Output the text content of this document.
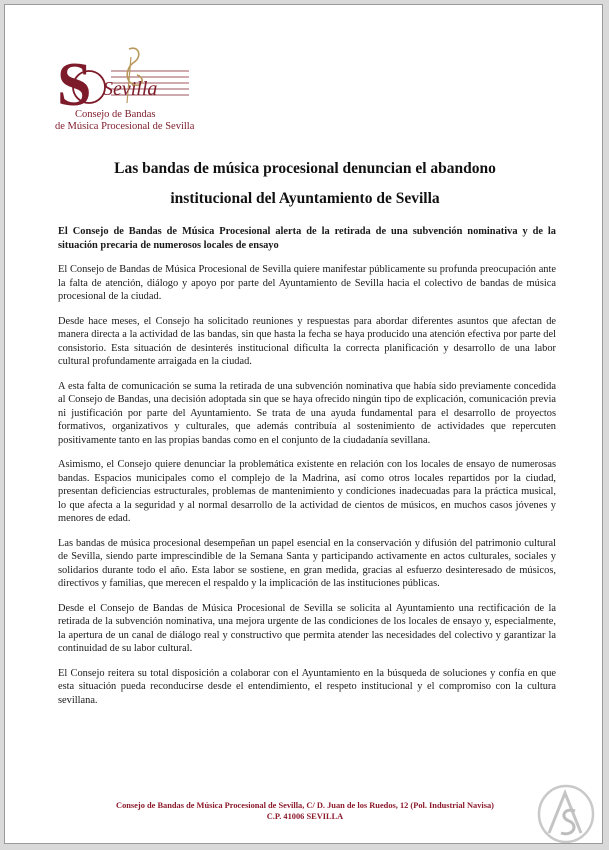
S Sevilla
Consejo de Bandas
de Música Procesional de Sevilla
Las bandas de música procesional denuncian el abandono
institucional del Ayuntamiento de Sevilla

El Consejo de Bandas de Música Procesional alerta de la retirada de una subvención nominativa y de la situación precaria de numerosos locales de ensayo

El Consejo de Bandas de Música Procesional de Sevilla quiere manifestar públicamente su profunda preocupación ante la falta de atención, diálogo y apoyo por parte del Ayuntamiento de Sevilla hacia el colectivo de bandas de música procesional de la ciudad.

Desde hace meses, el Consejo ha solicitado reuniones y respuestas para abordar diferentes asuntos que afectan de manera directa a la actividad de las bandas, sin que hasta la fecha se haya producido una atención efectiva por parte del consistorio. Esta situación de desinterés institucional dificulta la correcta planificación y desarrollo de una labor cultural profundamente arraigada en la ciudad.

A esta falta de comunicación se suma la retirada de una subvención nominativa que había sido previamente concedida al Consejo de Bandas, una decisión adoptada sin que se haya ofrecido ningún tipo de explicación, comunicación previa ni justificación por parte del Ayuntamiento. Se trata de una ayuda fundamental para el desarrollo de proyectos formativos, organizativos y culturales, que además contribuía al sostenimiento de actividades que repercuten positivamente tanto en las propias bandas como en el conjunto de la ciudadanía sevillana.

Asimismo, el Consejo quiere denunciar la problemática existente en relación con los locales de ensayo de numerosas bandas. Espacios municipales como el complejo de la Madrina, así como otros locales repartidos por la ciudad, presentan deficiencias estructurales, problemas de mantenimiento y condiciones inadecuadas para la práctica musical, lo que afecta a la seguridad y al normal desarrollo de la actividad de cientos de músicos, en muchos casos jóvenes y menores de edad.

Las bandas de música procesional desempeñan un papel esencial en la conservación y difusión del patrimonio cultural de Sevilla, siendo parte imprescindible de la Semana Santa y participando activamente en actos culturales, sociales y solidarios durante todo el año. Esta labor se sostiene, en gran medida, gracias al esfuerzo desinteresado de músicos, directivos y familias, que merecen el respaldo y la implicación de las instituciones públicas.

Desde el Consejo de Bandas de Música Procesional de Sevilla se solicita al Ayuntamiento una rectificación de la retirada de la subvención nominativa, una mejora urgente de las condiciones de los locales de ensayo y, especialmente, la apertura de un canal de diálogo real y constructivo que permita atender las necesidades del colectivo y garantizar la continuidad de su labor cultural.

El Consejo reitera su total disposición a colaborar con el Ayuntamiento en la búsqueda de soluciones y confía en que esta situación pueda reconducirse desde el entendimiento, el respeto institucional y el compromiso con la cultura sevillana.

Consejo de Bandas de Música Procesional de Sevilla, C/ D. Juan de los Ruedos, 12 (Pol. Industrial Navisa)
C.P. 41006 SEVILLA
